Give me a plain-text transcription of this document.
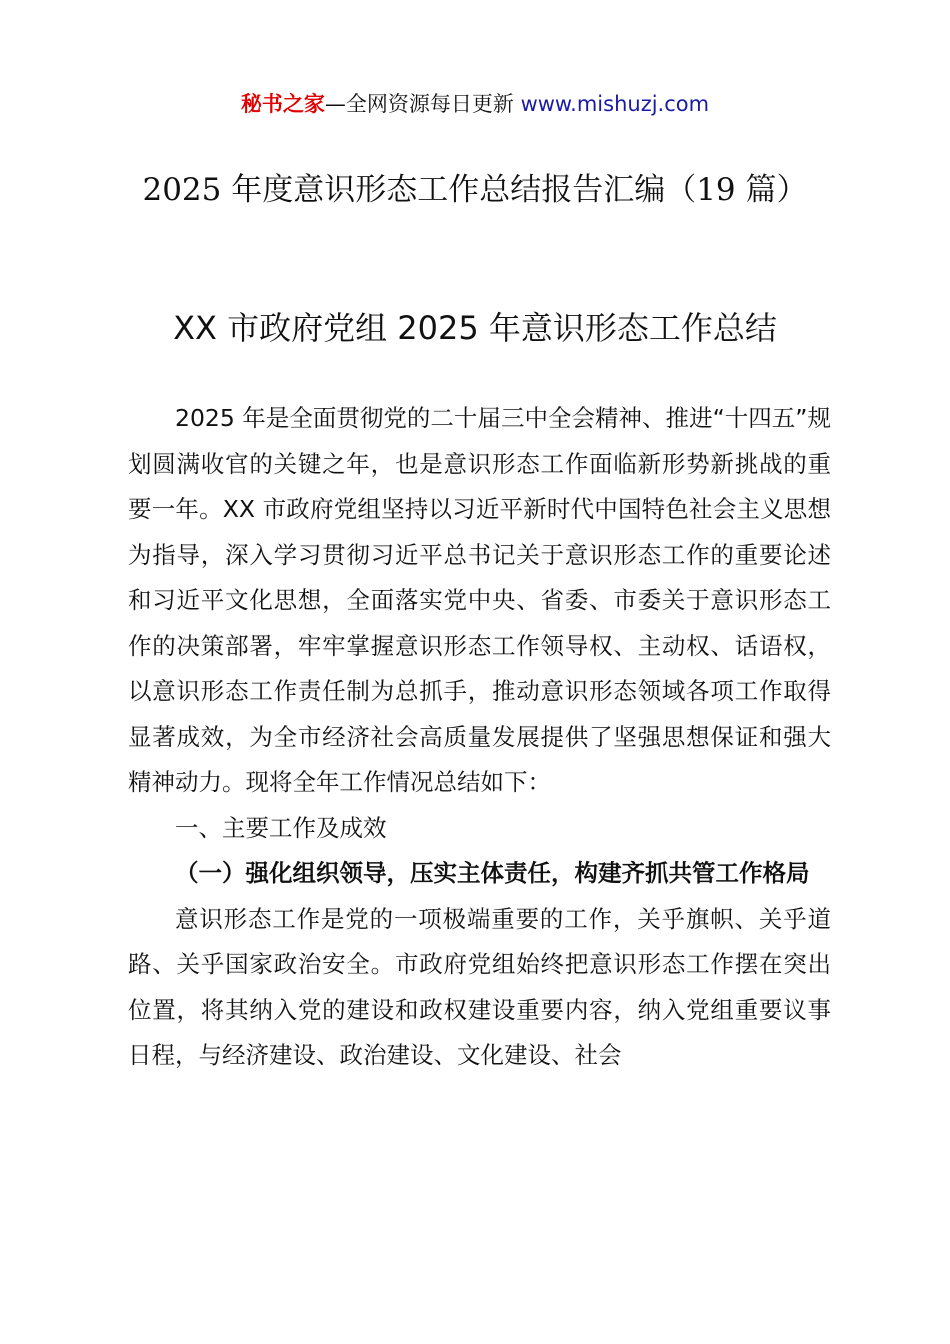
秘书之家—全网资源每日更新 www.mishuzj.com
2025 年度意识形态工作总结报告汇编（19 篇）
XX 市政府党组 2025 年意识形态工作总结

2025 年是全面贯彻党的二十届三中全会精神、推进“十四五”规划圆满收官的关键之年，也是意识形态工作面临新形势新挑战的重要一年。XX 市政府党组坚持以习近平新时代中国特色社会主义思想为指导，深入学习贯彻习近平总书记关于意识形态工作的重要论述和习近平文化思想，全面落实党中央、省委、市委关于意识形态工作的决策部署，牢牢掌握意识形态工作领导权、主动权、话语权，以意识形态工作责任制为总抓手，推动意识形态领域各项工作取得显著成效，为全市经济社会高质量发展提供了坚强思想保证和强大精神动力。现将全年工作情况总结如下：

一、主要工作及成效

（一）强化组织领导，压实主体责任，构建齐抓共管工作格局

意识形态工作是党的一项极端重要的工作，关乎旗帜、关乎道路、关乎国家政治安全。市政府党组始终把意识形态工作摆在突出位置，将其纳入党的建设和政权建设重要内容，纳入党组重要议事日程，与经济建设、政治建设、文化建设、社会
